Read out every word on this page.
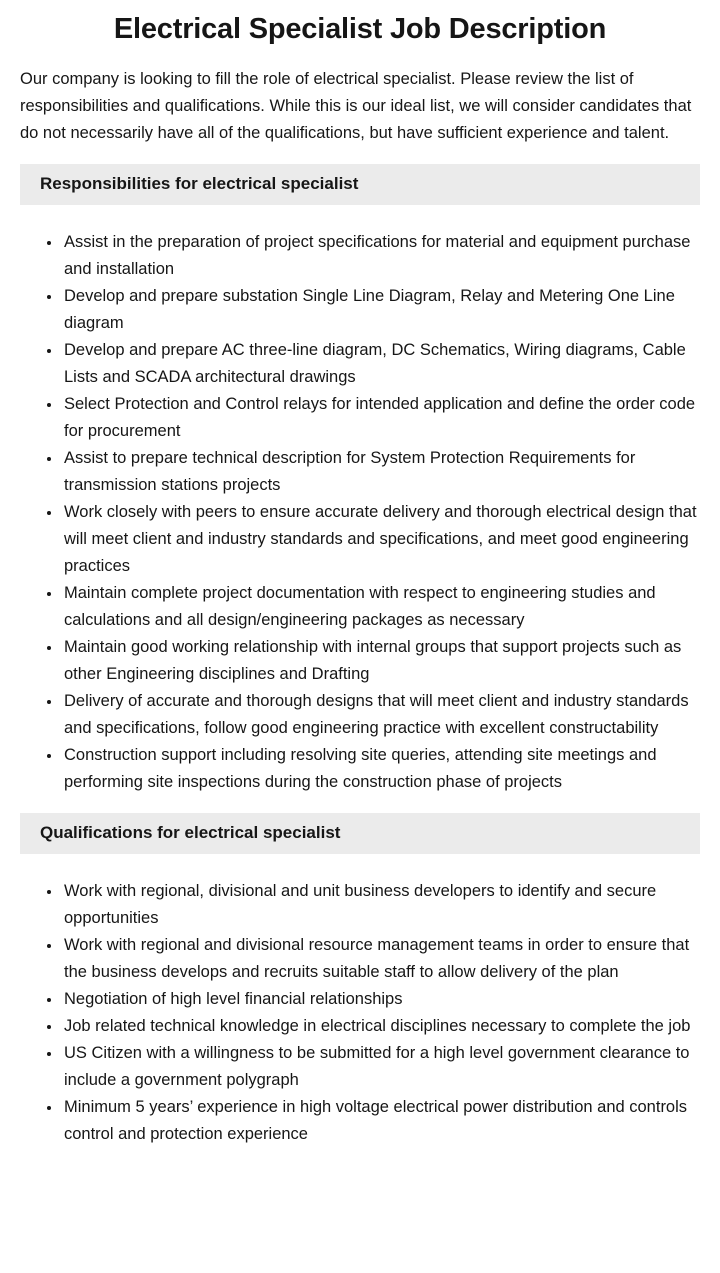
Electrical Specialist Job Description

Our company is looking to fill the role of electrical specialist. Please review the list of responsibilities and qualifications. While this is our ideal list, we will consider candidates that do not necessarily have all of the qualifications, but have sufficient experience and talent.

Responsibilities for electrical specialist
• Assist in the preparation of project specifications for material and equipment purchase and installation
• Develop and prepare substation Single Line Diagram, Relay and Metering One Line diagram
• Develop and prepare AC three-line diagram, DC Schematics, Wiring diagrams, Cable Lists and SCADA architectural drawings
• Select Protection and Control relays for intended application and define the order code for procurement
• Assist to prepare technical description for System Protection Requirements for transmission stations projects
• Work closely with peers to ensure accurate delivery and thorough electrical design that will meet client and industry standards and specifications, and meet good engineering practices
• Maintain complete project documentation with respect to engineering studies and calculations and all design/engineering packages as necessary
• Maintain good working relationship with internal groups that support projects such as other Engineering disciplines and Drafting
• Delivery of accurate and thorough designs that will meet client and industry standards and specifications, follow good engineering practice with excellent constructability
• Construction support including resolving site queries, attending site meetings and performing site inspections during the construction phase of projects
Qualifications for electrical specialist
• Work with regional, divisional and unit business developers to identify and secure opportunities
• Work with regional and divisional resource management teams in order to ensure that the business develops and recruits suitable staff to allow delivery of the plan
• Negotiation of high level financial relationships
• Job related technical knowledge in electrical disciplines necessary to complete the job
• US Citizen with a willingness to be submitted for a high level government clearance to include a government polygraph
• Minimum 5 years’ experience in high voltage electrical power distribution and controls control and protection experience
